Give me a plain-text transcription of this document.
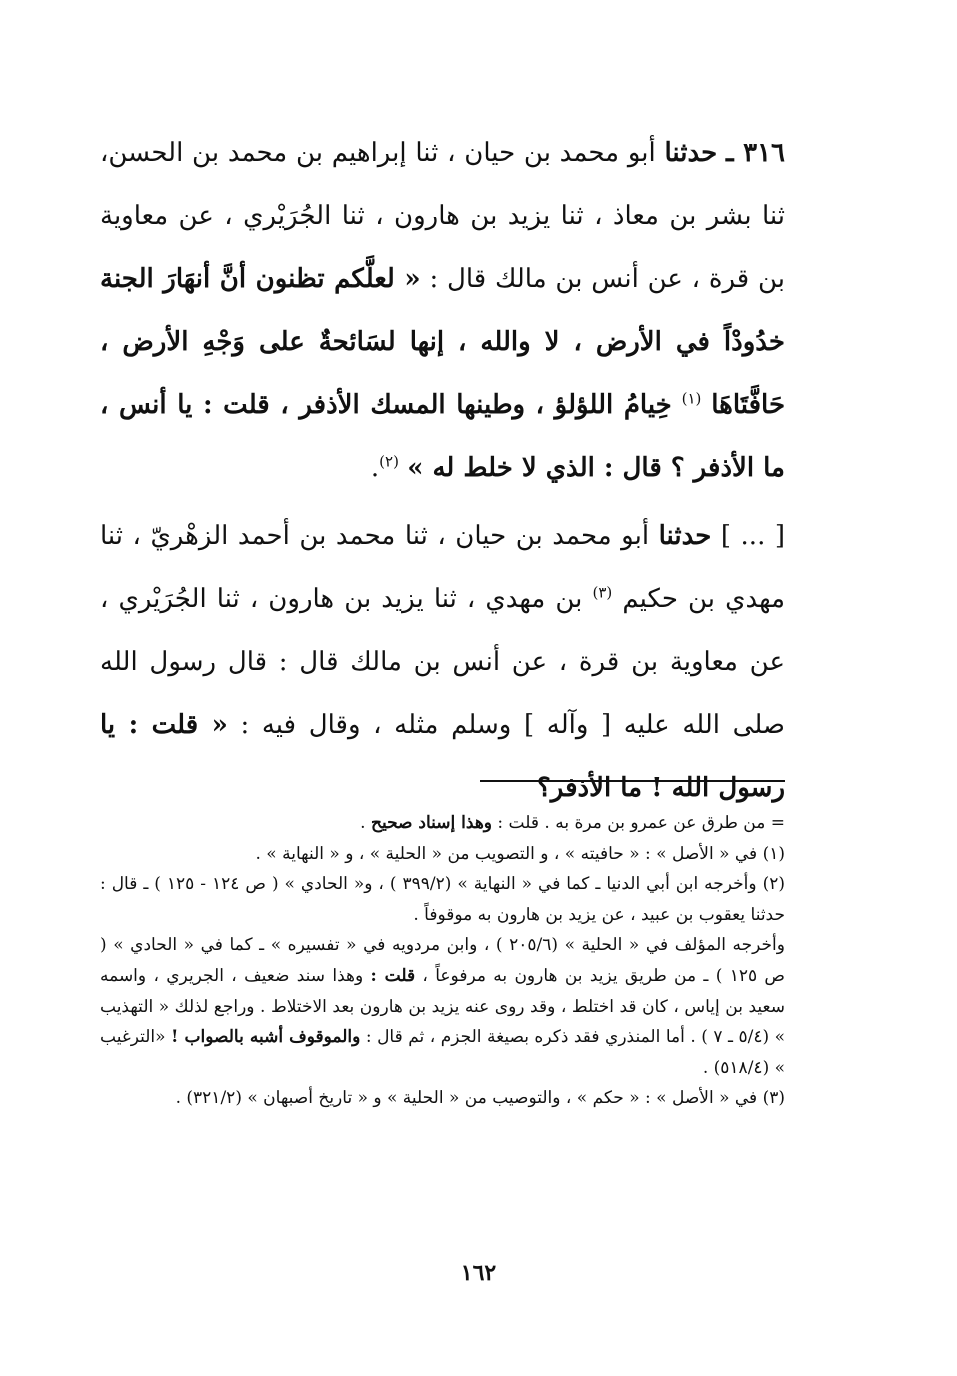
٣١٦ ـ حدثنا أبو محمد بن حيان ، ثنا إبراهيم بن محمد بن الحسن، ثنا بشر بن معاذ ، ثنا يزيد بن هارون ، ثنا الجُرَيْري ، عن معاوية بن قرة ، عن أنس بن مالك قال : « لعلَّكم تظنون أنَّ أنهَارَ الجنة خدُودْاً في الأرض ، لا والله ، إنها لسَائحةٌ على وَجْهِ الأرض ، حَافَّتَاهَا $^{(١)}$ خِيامُ اللؤلؤ ، وطينها المسك الأذفر ، قلت : يا أنس ، ما الأذفر ؟ قال : الذي لا خلط له » $^{(٢)}$.

[ ... ] حدثنا أبو محمد بن حيان ، ثنا محمد بن أحمد الزهْريّ ، ثنا مهدي بن حكيم $^{(٣)}$ بن مهدي ، ثنا يزيد بن هارون ، ثنا الجُرَيْري ، عن معاوية بن قرة ، عن أنس بن مالك قال : قال رسول الله صلى الله عليه [ وآله ] وسلم مثله ، وقال فيه : « قلت : يا رسول الله ! ما الأذفر؟

= من طرق عن عمرو بن مرة به . قلت : وهذا إسناد صحيح .

(١) في « الأصل » : « حافيته » ، و التصويب من « الحلية » ، و « النهاية » .

(٢) وأخرجه ابن أبي الدنيا ـ كما في « النهاية » (٣٩٩/٢ ) ، و« الحادي » ( ص ١٢٤ - ١٢٥ ) ـ قال : حدثنا يعقوب بن عبيد ، عن يزيد بن هارون به موقوفاً .

وأخرجه المؤلف في « الحلية » (٢٠٥/٦ ) ، وابن مردويه في « تفسيره » ـ كما في « الحادي » ( ص ١٢٥ ) ـ من طريق يزيد بن هارون به مرفوعاً ، قلت : وهذا سند ضعيف ، الجريري ، واسمه سعيد بن إياس ، كان قد اختلط ، وقد روى عنه يزيد بن هارون بعد الاختلاط . وراجع لذلك « التهذيب » (٥/٤ ـ ٧ ) . أما المنذري فقد ذكره بصيغة الجزم ، ثم قال : والموقوف أشبه بالصواب ! «الترغيب » (٥١٨/٤) .

(٣) في « الأصل » : « حكم » ، والتوصيب من « الحلية » و « تاريخ أصبهان » (٣٢١/٢) .

١٦٢
